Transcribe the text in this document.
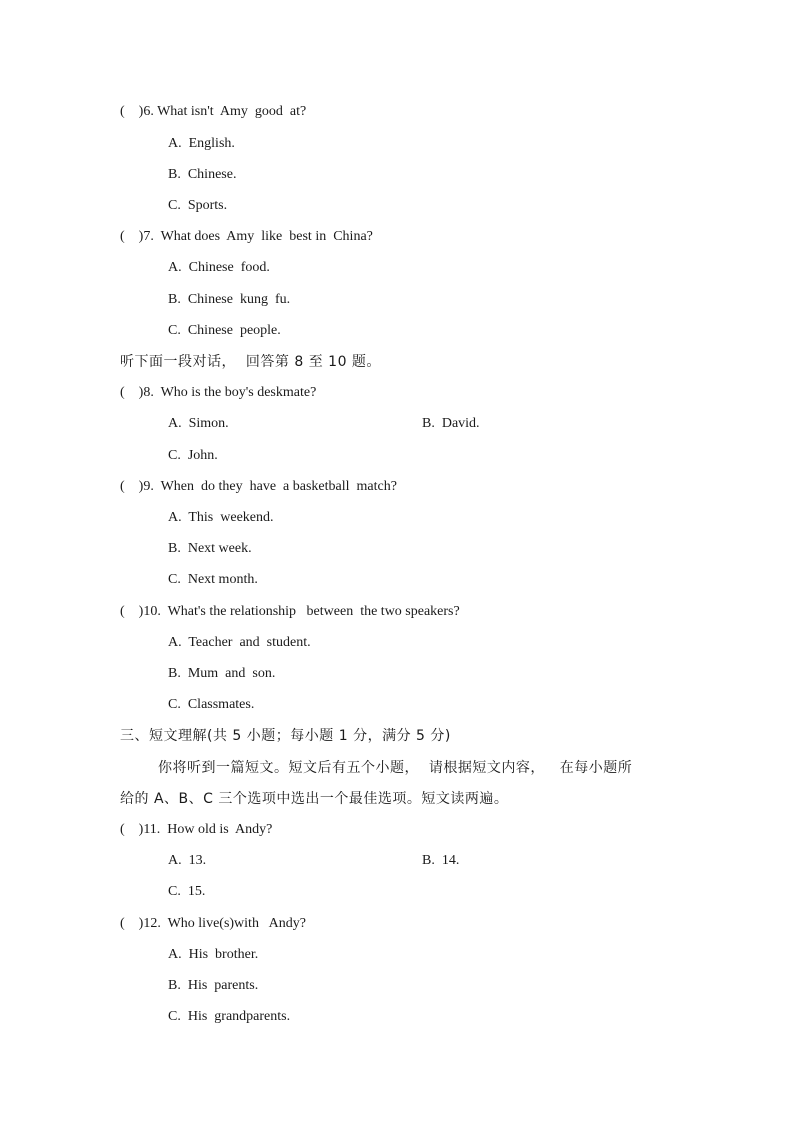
(    )6. What isn't  Amy  good  at?
A.  English.
B.  Chinese.
C.  Sports.
(    )7.  What does  Amy  like  best in  China?
A.  Chinese  food.
B.  Chinese  kung  fu.
C.  Chinese  people.
听下面一段对话，  回答第 8 至 10 题。
(    )8.  Who is the boy's deskmate?
A.  Simon.	B.  David.
C.  John.
(    )9.  When  do they  have  a basketball  match?
A.  This  weekend.
B.  Next week.
C.  Next month.
(    )10.  What's the relationship   between  the two speakers?
A.  Teacher  and  student.
B.  Mum  and  son.
C.  Classmates.
三、短文理解(共 5 小题；每小题 1 分，满分 5 分)
你将听到一篇短文。短文后有五个小题，  请根据短文内容，   在每小题所
给的 A、B、C 三个选项中选出一个最佳选项。短文读两遍。
(    )11.  How old is  Andy?
A.  13.	B.  14.
C.  15.
(    )12.  Who live(s)with   Andy?
A.  His  brother.
B.  His  parents.
C.  His  grandparents.
